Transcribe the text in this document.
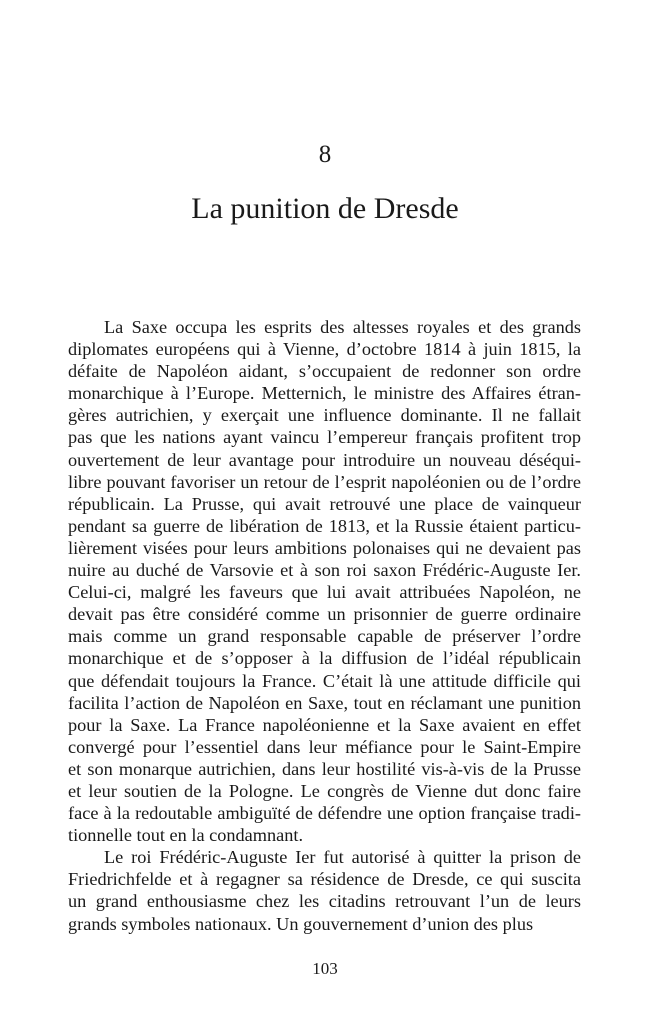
8
La punition de Dresde
La Saxe occupa les esprits des altesses royales et des grands
diplomates européens qui à Vienne, d’octobre 1814 à juin 1815, la
défaite de Napoléon aidant, s’occupaient de redonner son ordre
monarchique à l’Europe. Metternich, le ministre des Affaires étran-
gères autrichien, y exerçait une influence dominante. Il ne fallait
pas que les nations ayant vaincu l’empereur français profitent trop
ouvertement de leur avantage pour introduire un nouveau déséqui-
libre pouvant favoriser un retour de l’esprit napoléonien ou de l’ordre
républicain. La Prusse, qui avait retrouvé une place de vainqueur
pendant sa guerre de libération de 1813, et la Russie étaient particu-
lièrement visées pour leurs ambitions polonaises qui ne devaient pas
nuire au duché de Varsovie et à son roi saxon Frédéric-Auguste Ier.
Celui-ci, malgré les faveurs que lui avait attribuées Napoléon, ne
devait pas être considéré comme un prisonnier de guerre ordinaire
mais comme un grand responsable capable de préserver l’ordre
monarchique et de s’opposer à la diffusion de l’idéal républicain
que défendait toujours la France. C’était là une attitude difficile qui
facilita l’action de Napoléon en Saxe, tout en réclamant une punition
pour la Saxe. La France napoléonienne et la Saxe avaient en effet
convergé pour l’essentiel dans leur méfiance pour le Saint-Empire
et son monarque autrichien, dans leur hostilité vis-à-vis de la Prusse
et leur soutien de la Pologne. Le congrès de Vienne dut donc faire
face à la redoutable ambiguïté de défendre une option française tradi-
tionnelle tout en la condamnant.
Le roi Frédéric-Auguste Ier fut autorisé à quitter la prison de
Friedrichfelde et à regagner sa résidence de Dresde, ce qui suscita
un grand enthousiasme chez les citadins retrouvant l’un de leurs
grands symboles nationaux. Un gouvernement d’union des plus
103
